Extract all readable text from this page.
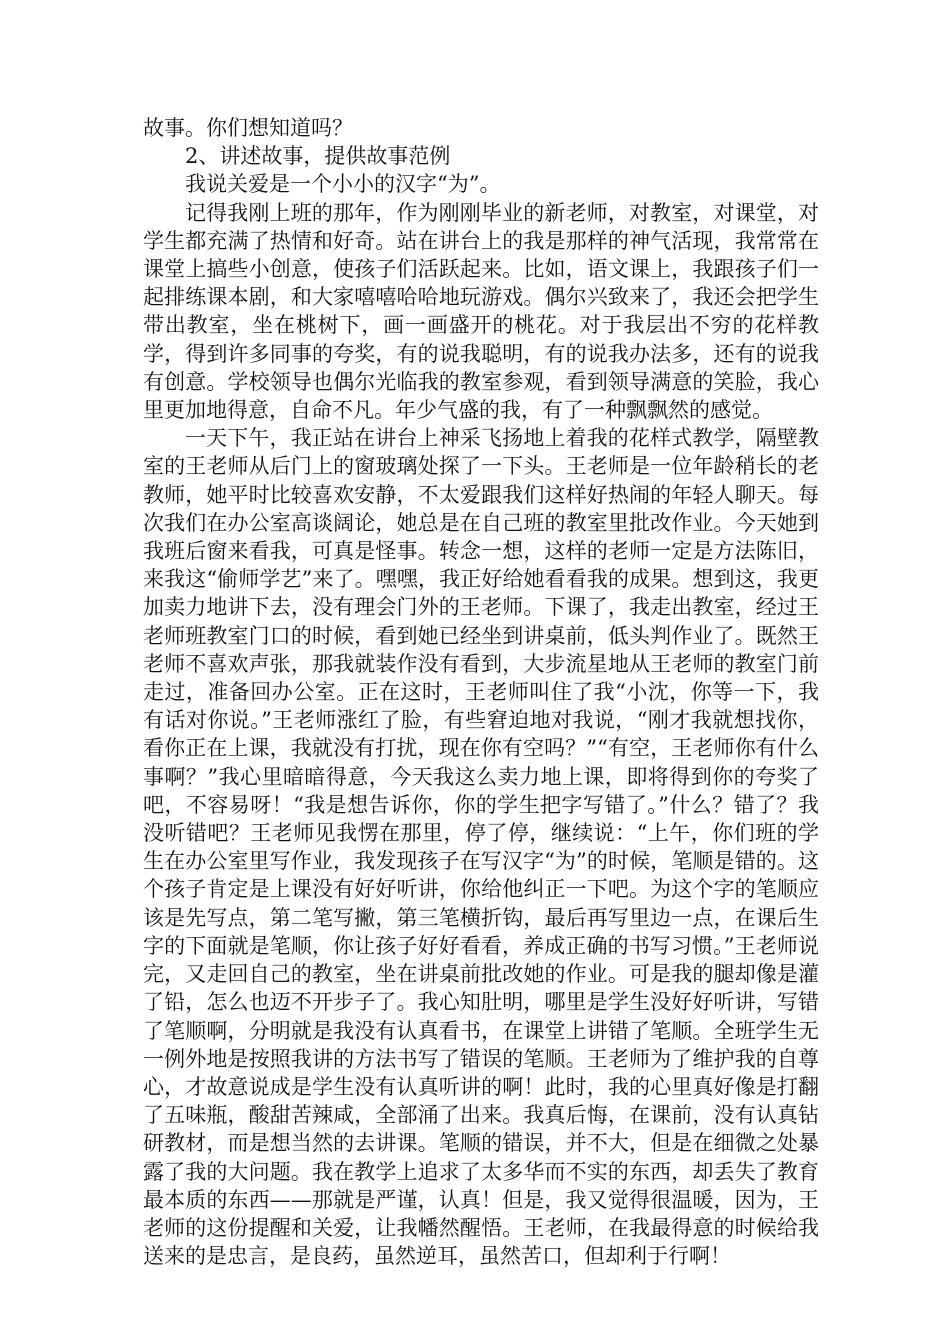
故事。你们想知道吗？

2、讲述故事，提供故事范例

我说关爱是一个小小的汉字“为”。

记得我刚上班的那年，作为刚刚毕业的新老师，对教室，对课堂，对学生都充满了热情和好奇。站在讲台上的我是那样的神气活现，我常常在课堂上搞些小创意，使孩子们活跃起来。比如，语文课上，我跟孩子们一起排练课本剧，和大家嘻嘻哈哈地玩游戏。偶尔兴致来了，我还会把学生带出教室，坐在桃树下，画一画盛开的桃花。对于我层出不穷的花样教学，得到许多同事的夸奖，有的说我聪明，有的说我办法多，还有的说我有创意。学校领导也偶尔光临我的教室参观，看到领导满意的笑脸，我心里更加地得意，自命不凡。年少气盛的我，有了一种飘飘然的感觉。

一天下午，我正站在讲台上神采飞扬地上着我的花样式教学，隔壁教室的王老师从后门上的窗玻璃处探了一下头。王老师是一位年龄稍长的老教师，她平时比较喜欢安静，不太爱跟我们这样好热闹的年轻人聊天。每次我们在办公室高谈阔论，她总是在自己班的教室里批改作业。今天她到我班后窗来看我，可真是怪事。转念一想，这样的老师一定是方法陈旧，来我这“偷师学艺”来了。嘿嘿，我正好给她看看我的成果。想到这，我更加卖力地讲下去，没有理会门外的王老师。下课了，我走出教室，经过王老师班教室门口的时候，看到她已经坐到讲桌前，低头判作业了。既然王老师不喜欢声张，那我就装作没有看到，大步流星地从王老师的教室门前走过，准备回办公室。正在这时，王老师叫住了我“小沈，你等一下，我有话对你说。”王老师涨红了脸，有些窘迫地对我说，“刚才我就想找你，看你正在上课，我就没有打扰，现在你有空吗？”“有空，王老师你有什么事啊？”我心里暗暗得意，今天我这么卖力地上课，即将得到你的夸奖了吧，不容易呀！“我是想告诉你，你的学生把字写错了。”什么？错了？我没听错吧？王老师见我愣在那里，停了停，继续说：“上午，你们班的学生在办公室里写作业，我发现孩子在写汉字“为”的时候，笔顺是错的。这个孩子肯定是上课没有好好听讲，你给他纠正一下吧。为这个字的笔顺应该是先写点，第二笔写撇，第三笔横折钩，最后再写里边一点，在课后生字的下面就是笔顺，你让孩子好好看看，养成正确的书写习惯。”王老师说完，又走回自己的教室，坐在讲桌前批改她的作业。可是我的腿却像是灌了铅，怎么也迈不开步子了。我心知肚明，哪里是学生没好好听讲，写错了笔顺啊，分明就是我没有认真看书，在课堂上讲错了笔顺。全班学生无一例外地是按照我讲的方法书写了错误的笔顺。王老师为了维护我的自尊心，才故意说成是学生没有认真听讲的啊！此时，我的心里真好像是打翻了五味瓶，酸甜苦辣咸，全部涌了出来。我真后悔，在课前，没有认真钻研教材，而是想当然的去讲课。笔顺的错误，并不大，但是在细微之处暴露了我的大问题。我在教学上追求了太多华而不实的东西，却丢失了教育最本质的东西——那就是严谨，认真！但是，我又觉得很温暖，因为，王老师的这份提醒和关爱，让我幡然醒悟。王老师，在我最得意的时候给我送来的是忠言，是良药，虽然逆耳，虽然苦口，但却利于行啊！
